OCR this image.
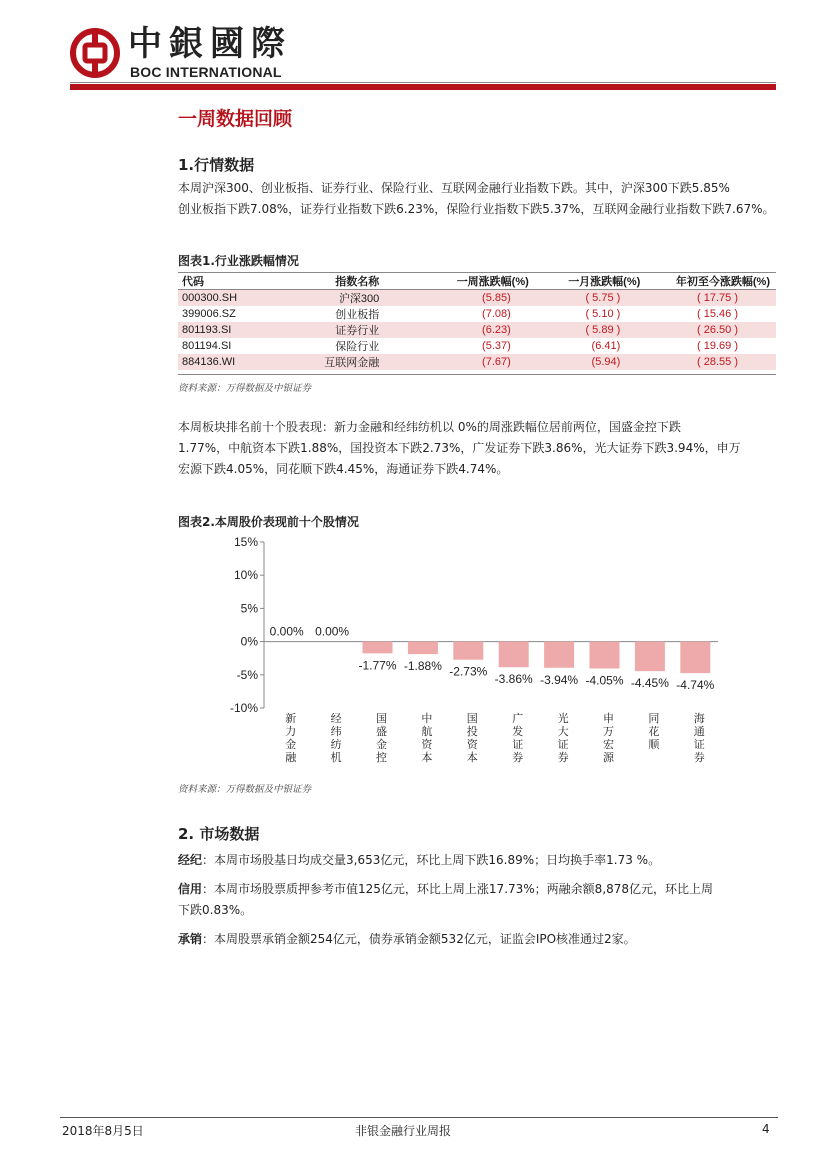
中銀國際
BOC INTERNATIONAL
一周数据回顾
1.行情数据
本周沪深300、创业板指、证券行业、保险行业、互联网金融行业指数下跌。其中，沪深300下跌5.85%
创业板指下跌7.08%，证券行业指数下跌6.23%，保险行业指数下跌5.37%，互联网金融行业指数下跌7.67%。
图表1.行业涨跌幅情况
代码	指数名称	一周涨跌幅(%)	一月涨跌幅(%)	年初至今涨跌幅(%)
000300.SH	沪深300	(5.85)	( 5.75 )	( 17.75 )
399006.SZ	创业板指	(7.08)	( 5.10 )	( 15.46 )
801193.SI	证券行业	(6.23)	( 5.89 )	( 26.50 )
801194.SI	保险行业	(5.37)	(6.41)	( 19.69 )
884136.WI	互联网金融	(7.67)	(5.94)	( 28.55 )
资料来源：万得数据及中银证券
本周板块排名前十个股表现：新力金融和经纬纺机以 0%的周涨跌幅位居前两位，国盛金控下跌
1.77%，中航资本下跌1.88%，国投资本下跌2.73%，广发证券下跌3.86%，光大证券下跌3.94%，申万
宏源下跌4.05%，同花顺下跌4.45%，海通证券下跌4.74%。
图表2.本周股价表现前十个股情况
15%
10%
5%
0%
-5%
-10%
0.00%
新力金融
0.00%
经纬纺机
-1.77%
国盛金控
-1.88%
中航资本
-2.73%
国投资本
-3.86%
广发证券
-3.94%
光大证券
-4.05%
申万宏源
-4.45%
同花顺
-4.74%
海通证券
资料来源：万得数据及中银证券
2. 市场数据
经纪：本周市场股基日均成交量3,653亿元，环比上周下跌16.89%；日均换手率1.73 %。
信用：本周市场股票质押参考市值125亿元，环比上周上涨17.73%；两融余额8,878亿元，环比上周
下跌0.83%。
承销：本周股票承销金额254亿元，债券承销金额532亿元，证监会IPO核准通过2家。
2018年8月5日	非银金融行业周报	4
